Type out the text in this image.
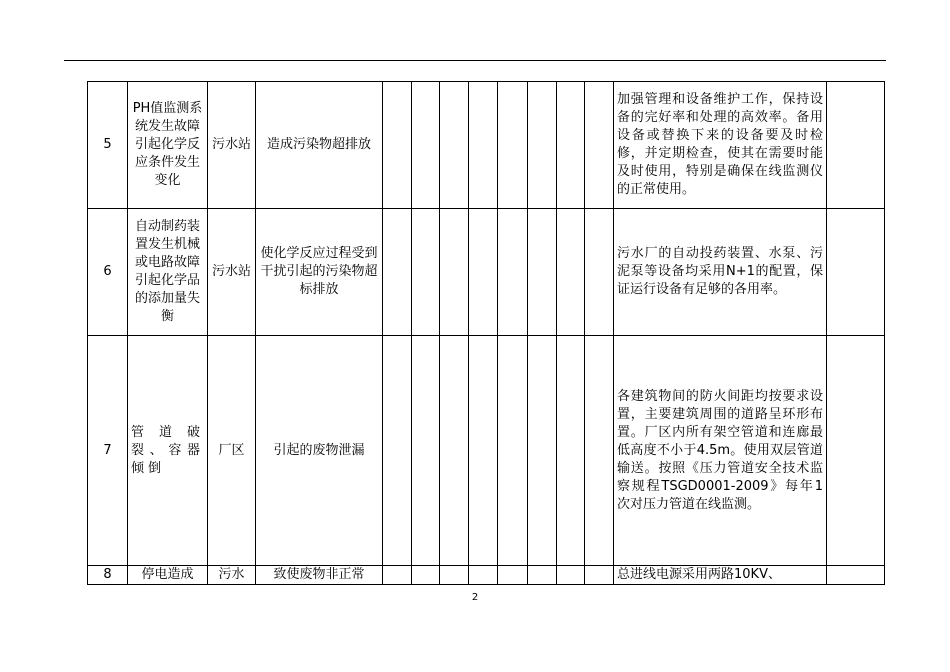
5	PH值监测系统发生故障引起化学反应条件发生变化	污水站	造成污染物超排放									加强管理和设备维护工作，保持设备的完好率和处理的高效率。备用设备或替换下来的设备要及时检修，并定期检查，使其在需要时能及时使用，特别是确保在线监测仪的正常使用。	
6	自动制药装置发生机械或电路故障引起化学品的添加量失衡	污水站	使化学反应过程受到干扰引起的污染物超标排放									污水厂的自动投药装置、水泵、污泥泵等设备均采用N+1的配置，保证运行设备有足够的各用率。	
7	管道破裂、容器倾倒	厂区	引起的废物泄漏									各建筑物间的防火间距均按要求设置，主要建筑周围的道路呈环形布置。厂区内所有架空管道和连廊最低高度不小于4.5m。使用双层管道输送。按照《压力管道安全技术监察规程TSGD0001-2009》每年1次对压力管道在线监测。	
8	停电造成	污水	致使废物非正常									总进线电源采用两路10KV、	
2
